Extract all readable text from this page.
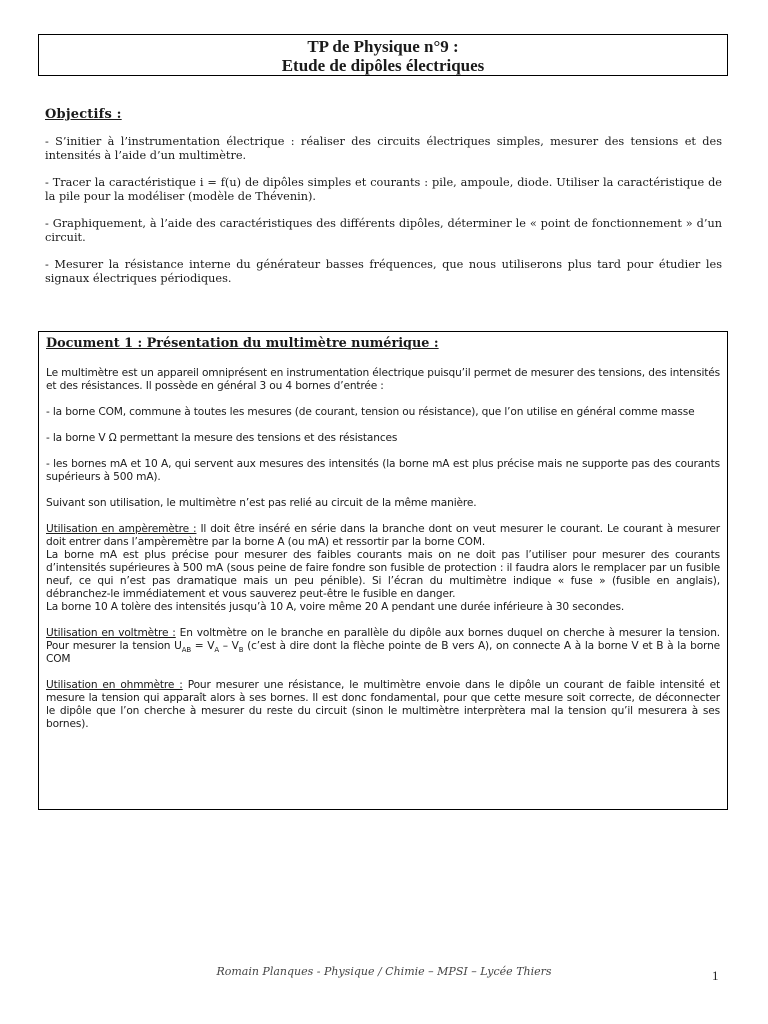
TP de Physique n°9 :
Etude de dipôles électriques
Objectifs :

- S’initier à l’instrumentation électrique : réaliser des circuits électriques simples, mesurer des tensions et des intensités à l’aide d’un multimètre.

- Tracer la caractéristique i = f(u) de dipôles simples et courants : pile, ampoule, diode. Utiliser la caractéristique de la pile pour la modéliser (modèle de Thévenin).

- Graphiquement, à l’aide des caractéristiques des différents dipôles, déterminer le « point de fonctionnement » d’un circuit.

- Mesurer la résistance interne du générateur basses fréquences, que nous utiliserons plus tard pour étudier les signaux électriques périodiques.

Document 1 : Présentation du multimètre numérique :

Le multimètre est un appareil omniprésent en instrumentation électrique puisqu’il permet de mesurer des tensions, des intensités et des résistances. Il possède en général 3 ou 4 bornes d’entrée :

- la borne COM, commune à toutes les mesures (de courant, tension ou résistance), que l’on utilise en général comme masse

- la borne V Ω permettant la mesure des tensions et des résistances

- les bornes mA et 10 A, qui servent aux mesures des intensités (la borne mA est plus précise mais ne supporte pas des courants supérieurs à 500 mA).

Suivant son utilisation, le multimètre n’est pas relié au circuit de la même manière.

Utilisation en ampèremètre : Il doit être inséré en série dans la branche dont on veut mesurer le courant. Le courant à mesurer doit entrer dans l’ampèremètre par la borne A (ou mA) et ressortir par la borne COM.

La borne mA est plus précise pour mesurer des faibles courants mais on ne doit pas l’utiliser pour mesurer des courants d’intensités supérieures à 500 mA (sous peine de faire fondre son fusible de protection : il faudra alors le remplacer par un fusible neuf, ce qui n’est pas dramatique mais un peu pénible). Si l’écran du multimètre indique « fuse » (fusible en anglais), débranchez-le immédiatement et vous sauverez peut-être le fusible en danger.

La borne 10 A tolère des intensités jusqu’à 10 A, voire même 20 A pendant une durée inférieure à 30 secondes.

Utilisation en voltmètre : En voltmètre on le branche en parallèle du dipôle aux bornes duquel on cherche à mesurer la tension. Pour mesurer la tension $U_{AB} = V_A - V_B$ (c’est à dire dont la flèche pointe de B vers A), on connecte A à la borne V et B à la borne COM

Utilisation en ohmmètre : Pour mesurer une résistance, le multimètre envoie dans le dipôle un courant de faible intensité et mesure la tension qui apparaît alors à ses bornes. Il est donc fondamental, pour que cette mesure soit correcte, de déconnecter le dipôle que l’on cherche à mesurer du reste du circuit (sinon le multimètre interprètera mal la tension qu’il mesurera à ses bornes).

Romain Planques - Physique / Chimie – MPSI – Lycée Thiers	1
